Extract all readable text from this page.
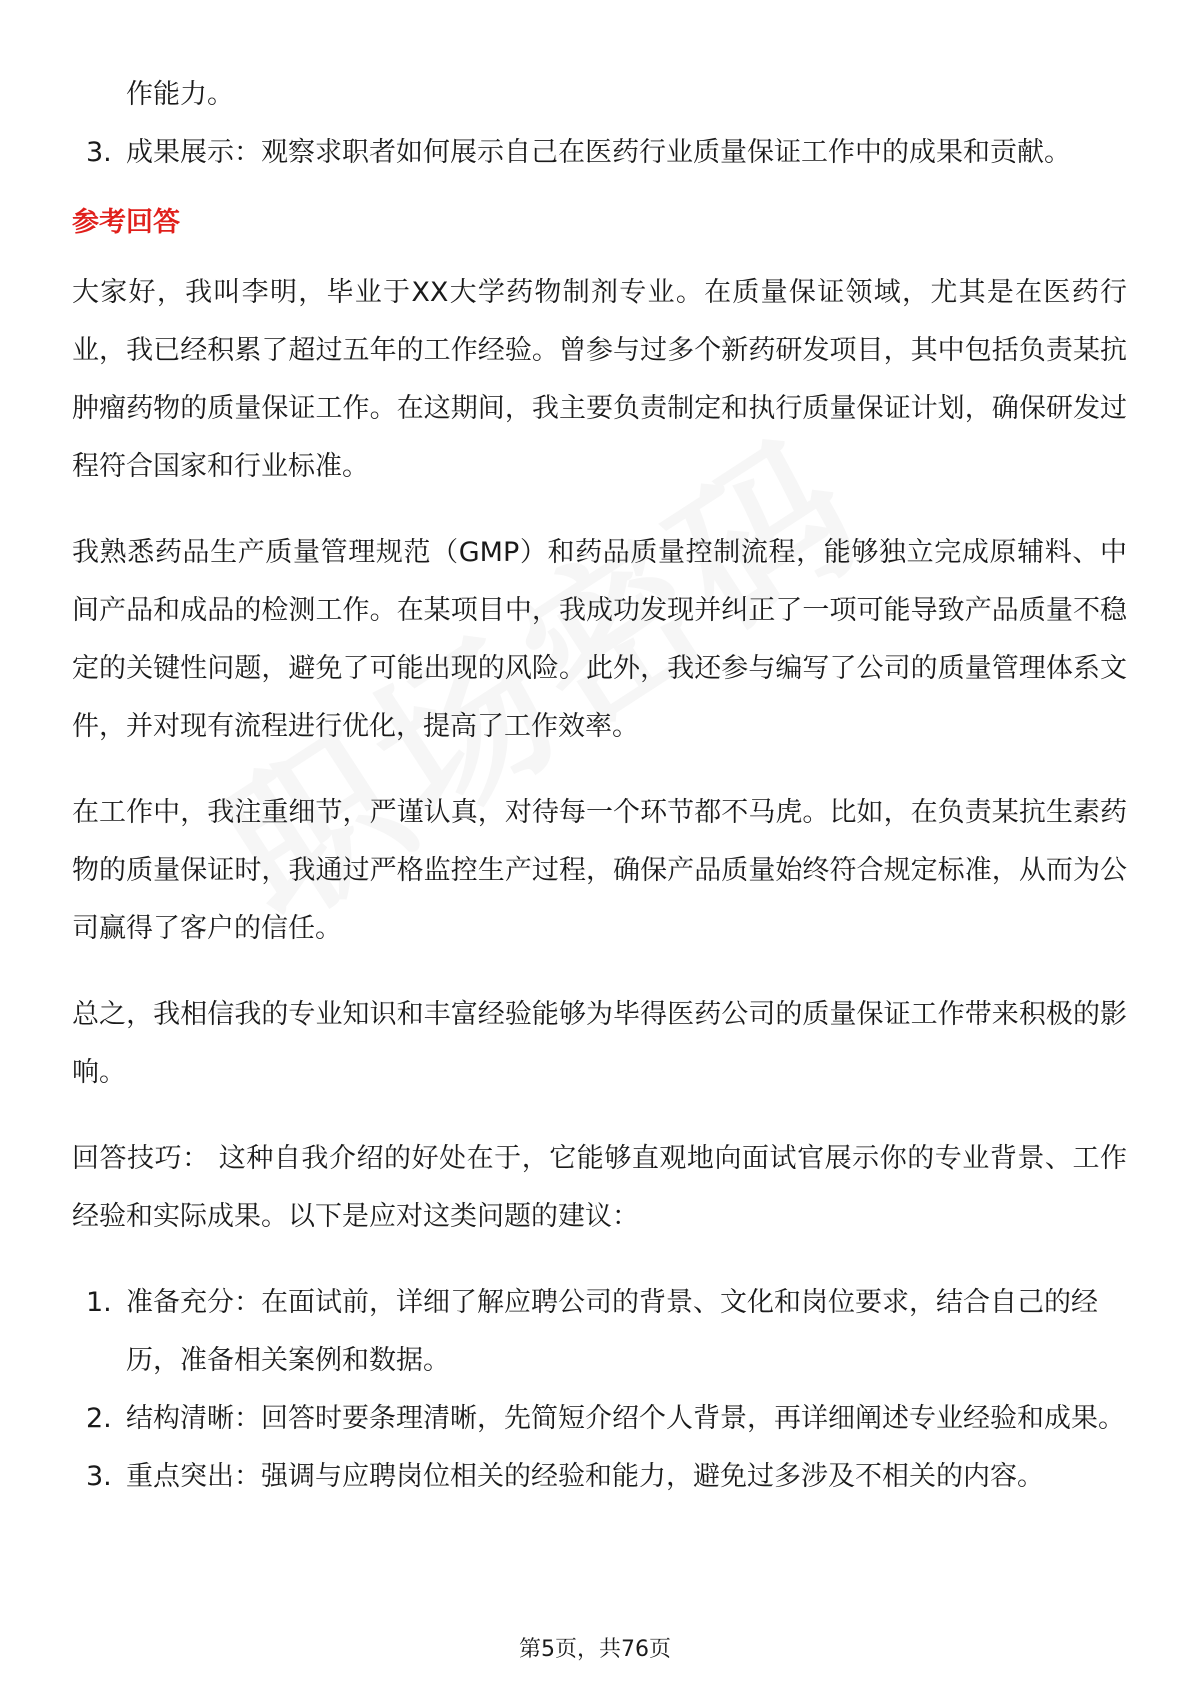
作能力。
3. 成果展示：观察求职者如何展示自己在医药行业质量保证工作中的成果和贡献。
参考回答

大家好，我叫李明，毕业于XX大学药物制剂专业。在质量保证领域，尤其是在医药行业，我已经积累了超过五年的工作经验。曾参与过多个新药研发项目，其中包括负责某抗肿瘤药物的质量保证工作。在这期间，我主要负责制定和执行质量保证计划，确保研发过程符合国家和行业标准。

我熟悉药品生产质量管理规范（GMP）和药品质量控制流程，能够独立完成原辅料、中间产品和成品的检测工作。在某项目中，我成功发现并纠正了一项可能导致产品质量不稳定的关键性问题，避免了可能出现的风险。此外，我还参与编写了公司的质量管理体系文件，并对现有流程进行优化，提高了工作效率。

在工作中，我注重细节，严谨认真，对待每一个环节都不马虎。比如，在负责某抗生素药物的质量保证时，我通过严格监控生产过程，确保产品质量始终符合规定标准，从而为公司赢得了客户的信任。

总之，我相信我的专业知识和丰富经验能够为毕得医药公司的质量保证工作带来积极的影响。

回答技巧： 这种自我介绍的好处在于，它能够直观地向面试官展示你的专业背景、工作经验和实际成果。以下是应对这类问题的建议：

1. 准备充分：在面试前，详细了解应聘公司的背景、文化和岗位要求，结合自己的经历，准备相关案例和数据。
2. 结构清晰：回答时要条理清晰，先简短介绍个人背景，再详细阐述专业经验和成果。
3. 重点突出：强调与应聘岗位相关的经验和能力，避免过多涉及不相关的内容。
第5页，共76页
